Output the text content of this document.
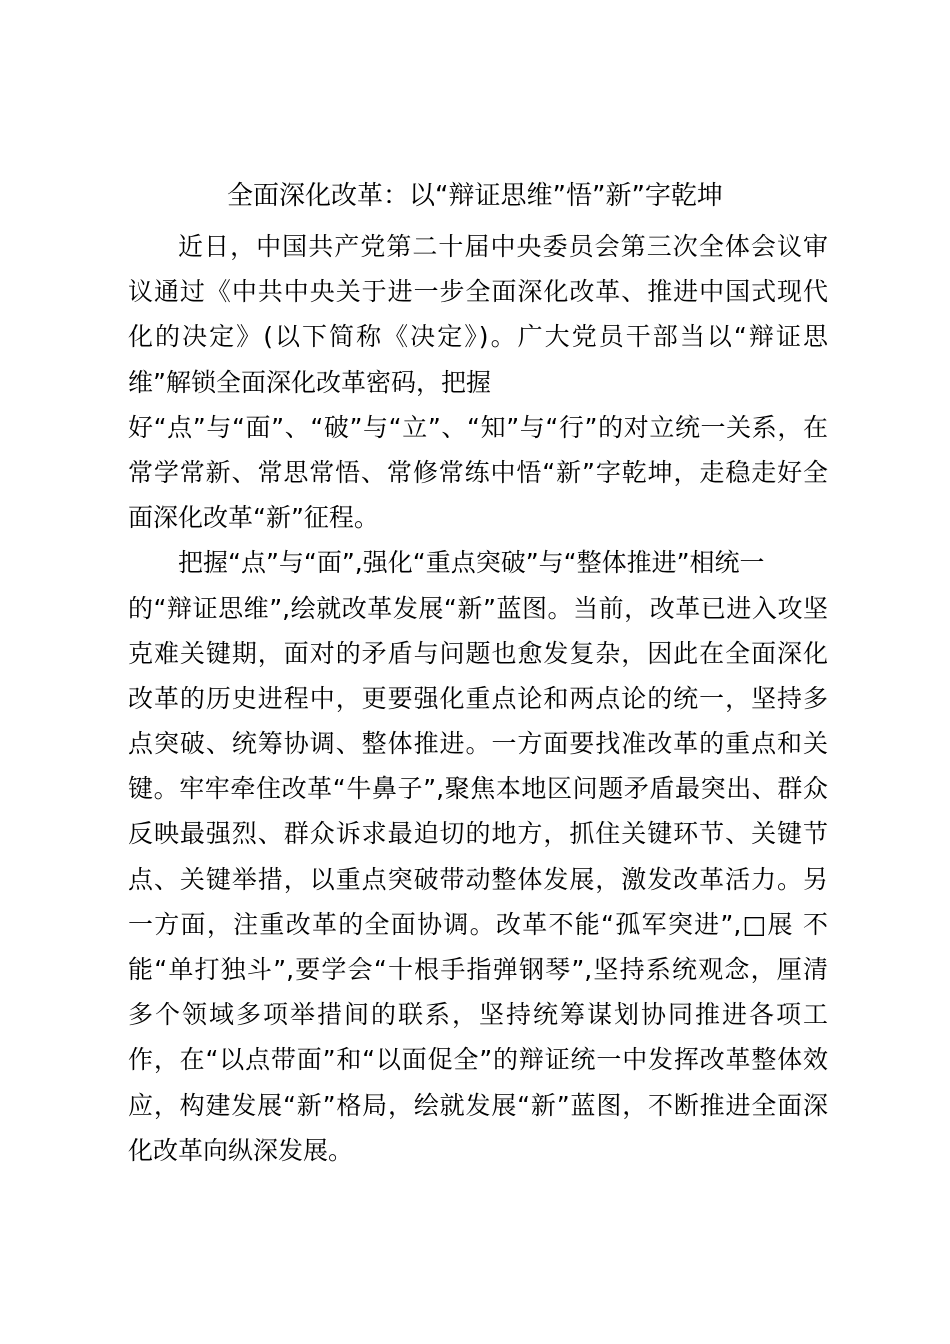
全面深化改革：以“辩证思维”悟”新”字乾坤
近日，中国共产党第二十届中央委员会第三次全体会议审
议通过《中共中央关于进一步全面深化改革、推进中国式现代
化的决定》(以下简称《决定》)。广大党员干部当以“辩证思
维”解锁全面深化改革密码，把握
好“点”与“面”、“破”与“立”、“知”与“行”的对立统一关系，在
常学常新、常思常悟、常修常练中悟“新”字乾坤，走稳走好全
面深化改革“新”征程。
把握“点”与“面”,强化“重点突破”与“整体推进”相统一
的“辩证思维”,绘就改革发展“新”蓝图。当前，改革已进入攻坚
克难关键期，面对的矛盾与问题也愈发复杂，因此在全面深化
改革的历史进程中，更要强化重点论和两点论的统一，坚持多
点突破、统筹协调、整体推进。一方面要找准改革的重点和关
键。牢牢牵住改革“牛鼻子”,聚焦本地区问题矛盾最突出、群众
反映最强烈、群众诉求最迫切的地方，抓住关键环节、关键节
点、关键举措，以重点突破带动整体发展，激发改革活力。另
一方面，注重改革的全面协调。改革不能“孤军突进”,□展 不
能“单打独斗”,要学会“十根手指弹钢琴”,坚持系统观念，厘清
多个领域多项举措间的联系，坚持统筹谋划协同推进各项工
作，在“以点带面”和“以面促全”的辩证统一中发挥改革整体效
应，构建发展“新”格局，绘就发展“新”蓝图，不断推进全面深
化改革向纵深发展。
